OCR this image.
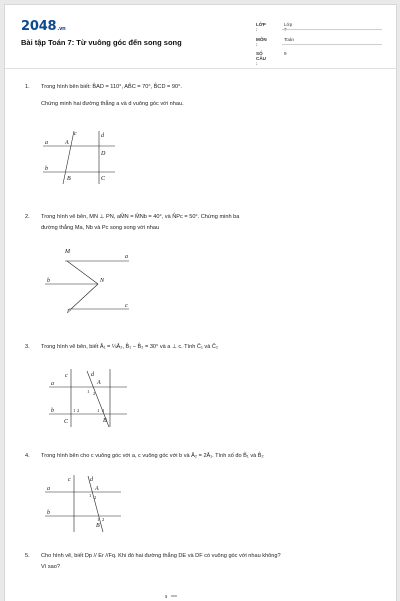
2048.vn
Bài tập Toán 7: Từ vuông góc đến song song
LỚP :
Lớp 7
MÔN :
Toán
SỐ CÂU :
9
1. Trong hình bên biết: B̂AD = 110°, AB̂C = 70°, B̂CD = 90°.
Chứng minh hai đường thẳng a và d vuông góc với nhau.
c	d
a	A
D
b
B	C
2. Trong hình vẽ bên, MN ⊥ PN, aM̂N = M̂Nb = 40°, và N̂Pc = 50°. Chứng minh ba
đường thẳng Ma, Nb và Pc song song với nhau
M
a
b	N
P
c
3. Trong hình vẽ bên, biết Â₁ = ¼Â₂, B̂₁ − B̂₂ = 30° và a ⊥ c. Tính Ĉ₁ và Ĉ₂
c	d
a	A
b
B
C
1 2
1 2	1 2
4. Trong hình bên cho c vuông góc với a, c vuông góc với b và Â₂ = 2Â₁. Tính số đo B̂₁ và B̂₂
c	d
a	A
b
B
1 2
1 2
5. Cho hình vẽ, biết Dp // Er //Fq. Khi đó hai đường thẳng DE và DF có vuông góc với nhau không?
Vì sao?
s
